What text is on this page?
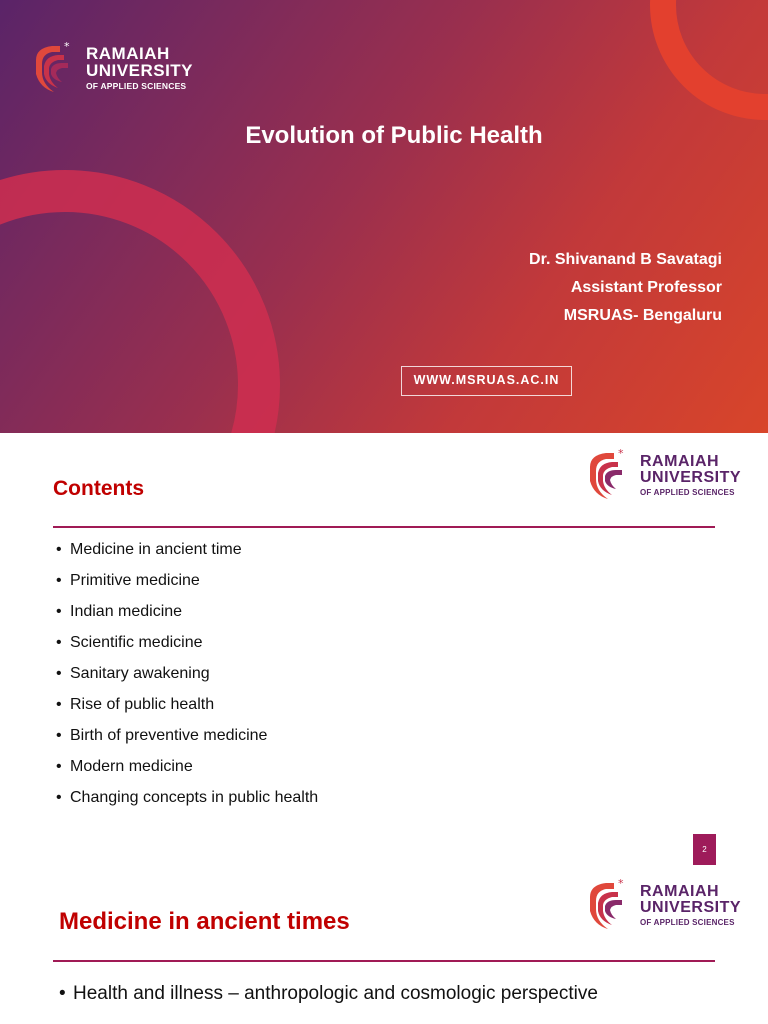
* RAMAIAH
UNIVERSITY
OF APPLIED SCIENCES
Evolution of Public Health
Dr. Shivanand B Savatagi
Assistant Professor
MSRUAS- Bengaluru
WWW.MSRUAS.AC.IN
* RAMAIAH
UNIVERSITY
OF APPLIED SCIENCES
Contents
• Medicine in ancient time
• Primitive medicine
• Indian medicine
• Scientific medicine
• Sanitary awakening
• Rise of public health
• Birth of preventive medicine
• Modern medicine
• Changing concepts in public health
2
* RAMAIAH
UNIVERSITY
OF APPLIED SCIENCES
Medicine in ancient times
• Health and illness – anthropologic and cosmologic perspective
